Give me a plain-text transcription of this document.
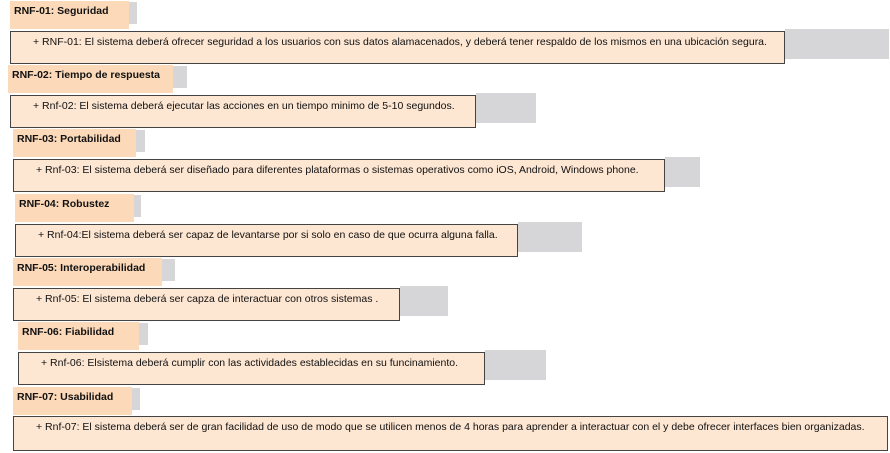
RNF-01: Seguridad
+ RNF-01: El sistema deberá ofrecer seguridad a los usuarios con sus datos alamacenados, y deberá tener respaldo de los mismos en una ubicación segura.
RNF-02: Tiempo de respuesta
+ Rnf-02: El sistema deberá ejecutar las acciones en un tiempo minimo de 5-10 segundos.
RNF-03: Portabilidad
+ Rnf-03: El sistema deberá ser diseñado para diferentes plataformas o sistemas operativos como iOS, Android, Windows phone.
RNF-04: Robustez
+ Rnf-04:El sistema deberá ser capaz de levantarse por si solo en caso de que ocurra alguna falla.
RNF-05: Interoperabilidad
+ Rnf-05: El sistema deberá ser capza de interactuar con otros sistemas .
RNF-06: Fiabilidad
+ Rnf-06: Elsistema deberá cumplir con las actividades establecidas en su funcinamiento.
RNF-07: Usabilidad
+ Rnf-07: El sistema deberá ser de gran facilidad de uso de modo que se utilicen menos de 4 horas para aprender a interactuar con el y debe ofrecer interfaces bien organizadas.
